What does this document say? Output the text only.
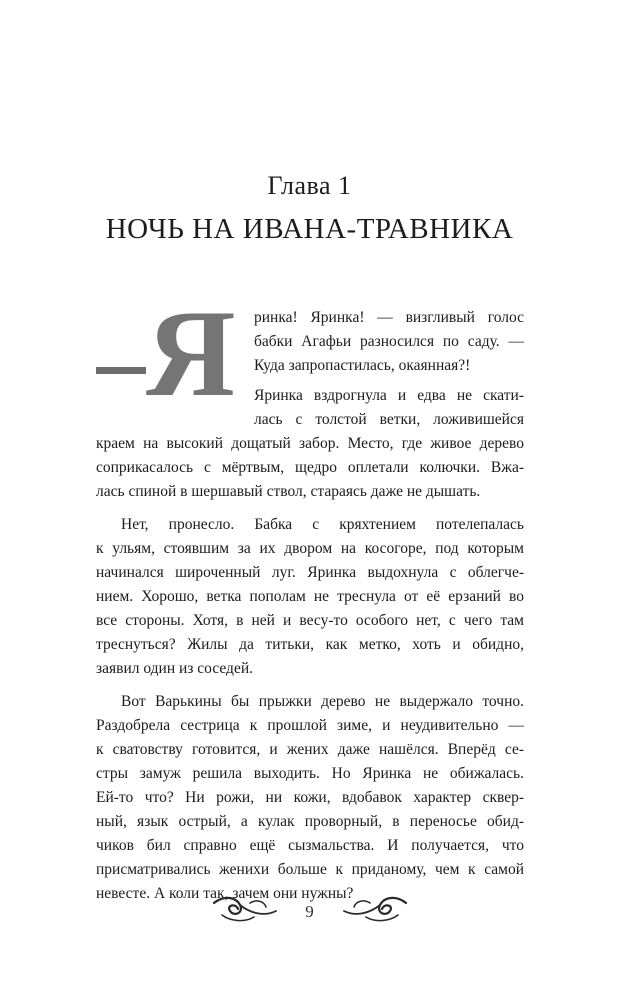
Глава 1
НОЧЬ НА ИВАНА-ТРАВНИКА
Я ринка! Яринка! — визгливый голос
бабки Агафьи разносился по саду. —
Куда запропастилась, окаянная?!
Яринка вздрогнула и едва не скати-
лась с толстой ветки, ложивишейся
краем на высокий дощатый забор. Место, где живое дерево
соприкасалось с мёртвым, щедро оплетали колючки. Вжа-
лась спиной в шершавый ствол, стараясь даже не дышать.
Нет, пронесло. Бабка с кряхтением потелепалась
к ульям, стоявшим за их двором на косогоре, под которым
начинался широченный луг. Яринка выдохнула с облегче-
нием. Хорошо, ветка пополам не треснула от её ерзаний во
все стороны. Хотя, в ней и весу-то особого нет, с чего там
треснуться? Жилы да титьки, как метко, хоть и обидно,
заявил один из соседей.
Вот Варькины бы прыжки дерево не выдержало точно.
Раздобрела сестрица к прошлой зиме, и неудивительно —
к сватовству готовится, и жених даже нашёлся. Вперёд се-
стры замуж решила выходить. Но Яринка не обижалась.
Ей-то что? Ни рожи, ни кожи, вдобавок характер сквер-
ный, язык острый, а кулак проворный, в переносье обид-
чиков бил справно ещё сызмальства. И получается, что
присматривались женихи больше к приданому, чем к самой
невесте. А коли так, зачем они нужны?
9
